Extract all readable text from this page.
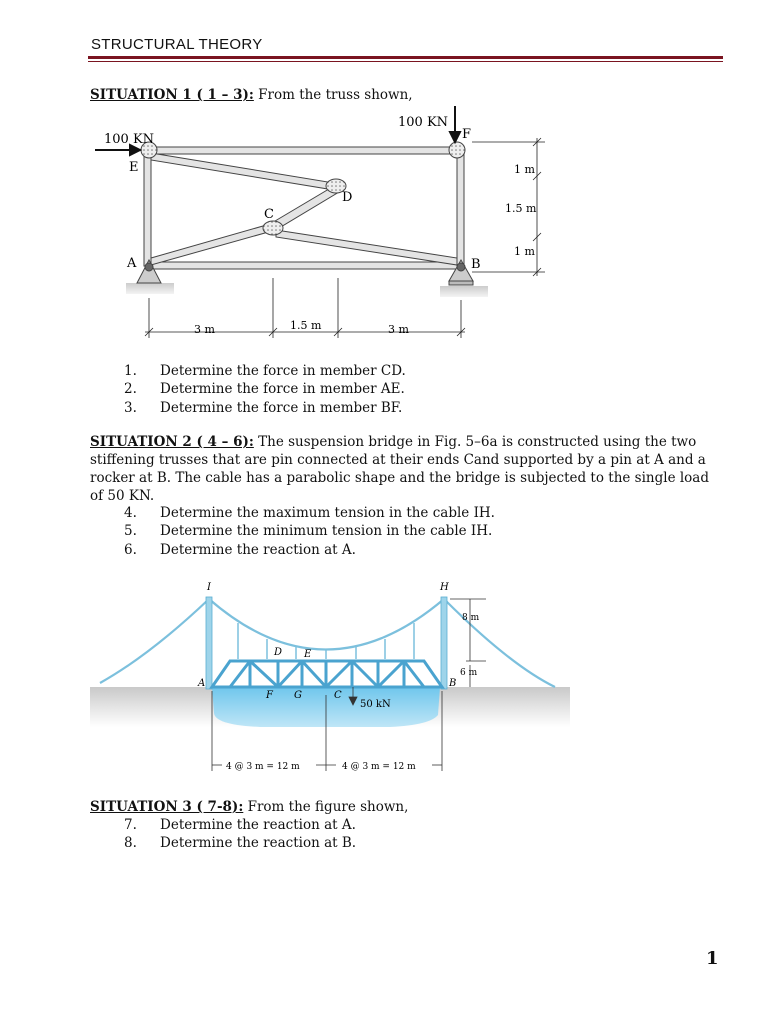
STRUCTURAL THEORY
SITUATION 1 ( 1 – 3): From the truss shown,
100 KN
100 KN
F
E
D
C
A	B
1 m
1.5 m
1 m
3 m	1.5 m	3 m
1. Determine the force in member CD.
2. Determine the force in member AE.
3. Determine the force in member BF.
SITUATION 2 ( 4 – 6): The suspension bridge in Fig. 5–6a is constructed using the two stiffening trusses that are pin connected at their ends Cand supported by a pin at A and a rocker at B. The cable has a parabolic shape and the bridge is subjected to the single load of 50 KN.
4. Determine the maximum tension in the cable IH.
5. Determine the minimum tension in the cable IH.
6. Determine the reaction at A.
I	H
D E
A
F G	C
B
8 m
6 m
50 kN
4 @ 3 m = 12 m	4 @ 3 m = 12 m
SITUATION 3 ( 7-8): From the figure shown,
7. Determine the reaction at A.
8. Determine the reaction at B.
1
